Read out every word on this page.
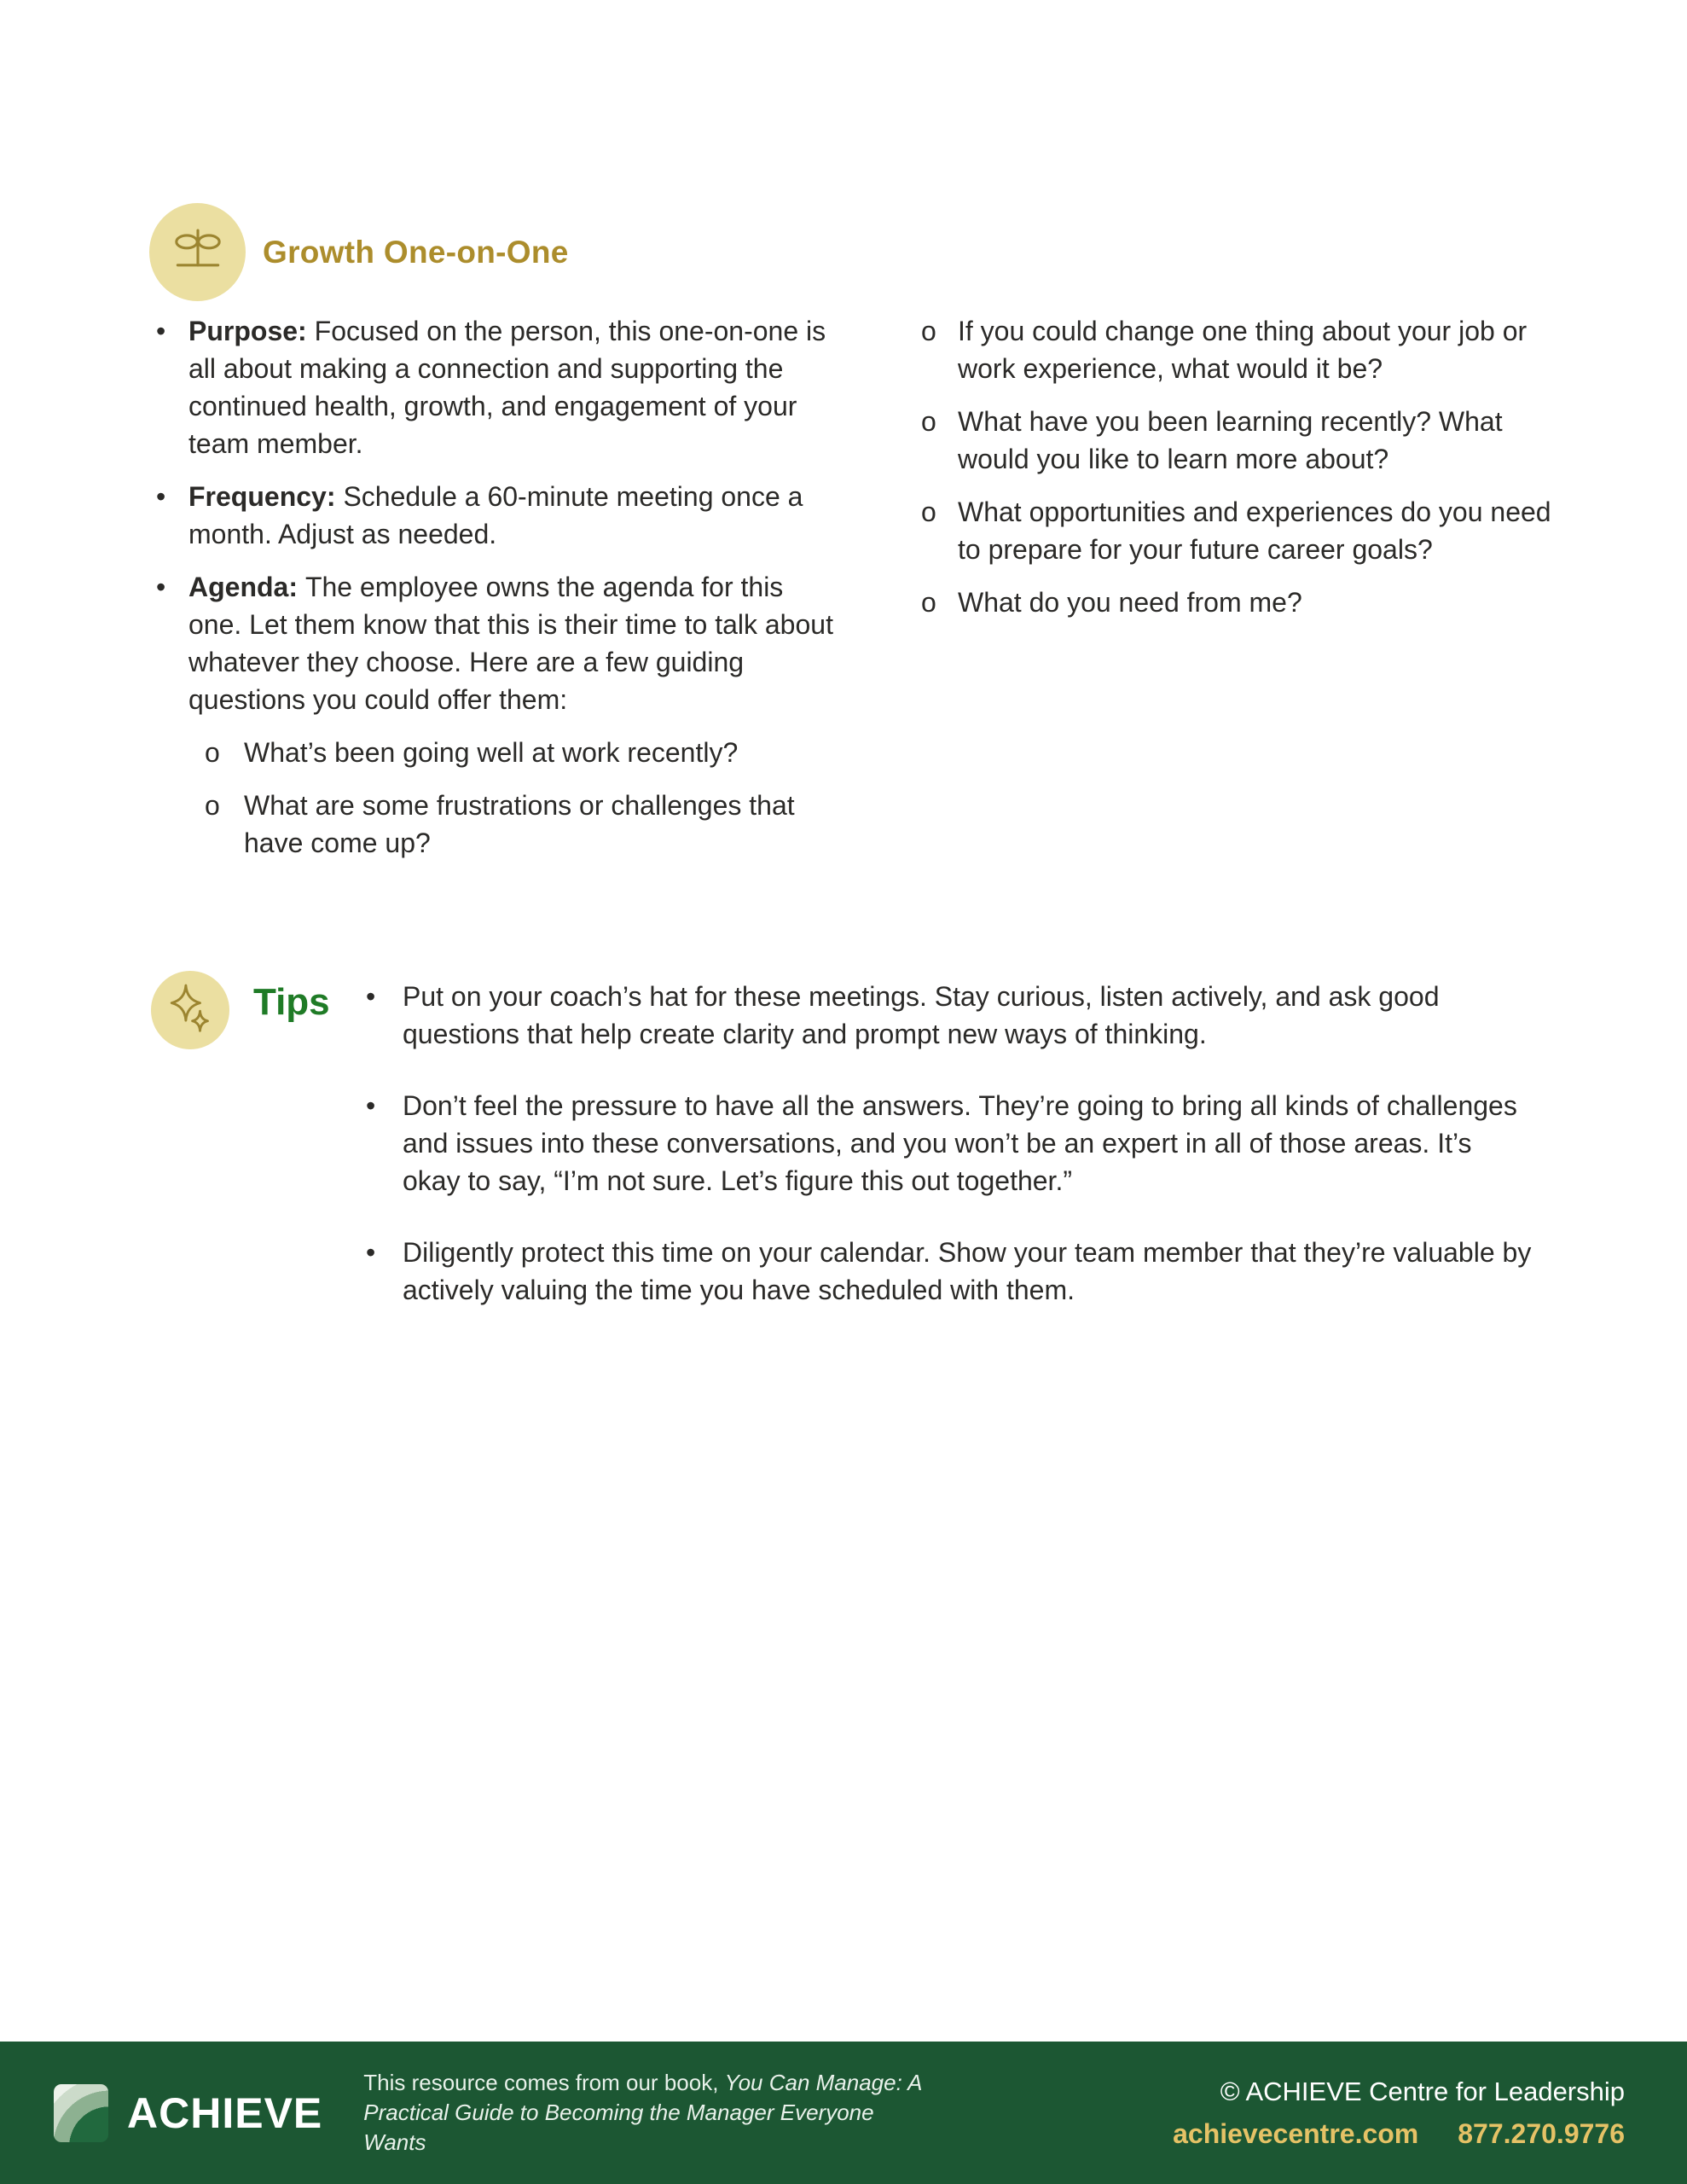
Growth One-on-One
• Purpose: Focused on the person, this one-on-one is all about making a connection and supporting the continued health, growth, and engagement of your team member.
• Frequency: Schedule a 60-minute meeting once a month. Adjust as needed.
• Agenda: The employee owns the agenda for this one. Let them know that this is their time to talk about whatever they choose. Here are a few guiding questions you could offer them:
o What’s been going well at work recently?
o What are some frustrations or challenges that have come up?
o If you could change one thing about your job or work experience, what would it be?
o What have you been learning recently? What would you like to learn more about?
o What opportunities and experiences do you need to prepare for your future career goals?
o What do you need from me?
Tips	• Put on your coach’s hat for these meetings. Stay curious, listen actively, and ask good questions that help create clarity and prompt new ways of thinking.
• Don’t feel the pressure to have all the answers. They’re going to bring all kinds of challenges and issues into these conversations, and you won’t be an expert in all of those areas. It’s okay to say, “I’m not sure. Let’s figure this out together.”
• Diligently protect this time on your calendar. Show your team member that they’re valuable by actively valuing the time you have scheduled with them.
ACHIEVE
This resource comes from our book, You Can Manage: A Practical Guide to Becoming the Manager Everyone Wants
© ACHIEVE Centre for Leadership
achievecentre.com 877.270.9776
